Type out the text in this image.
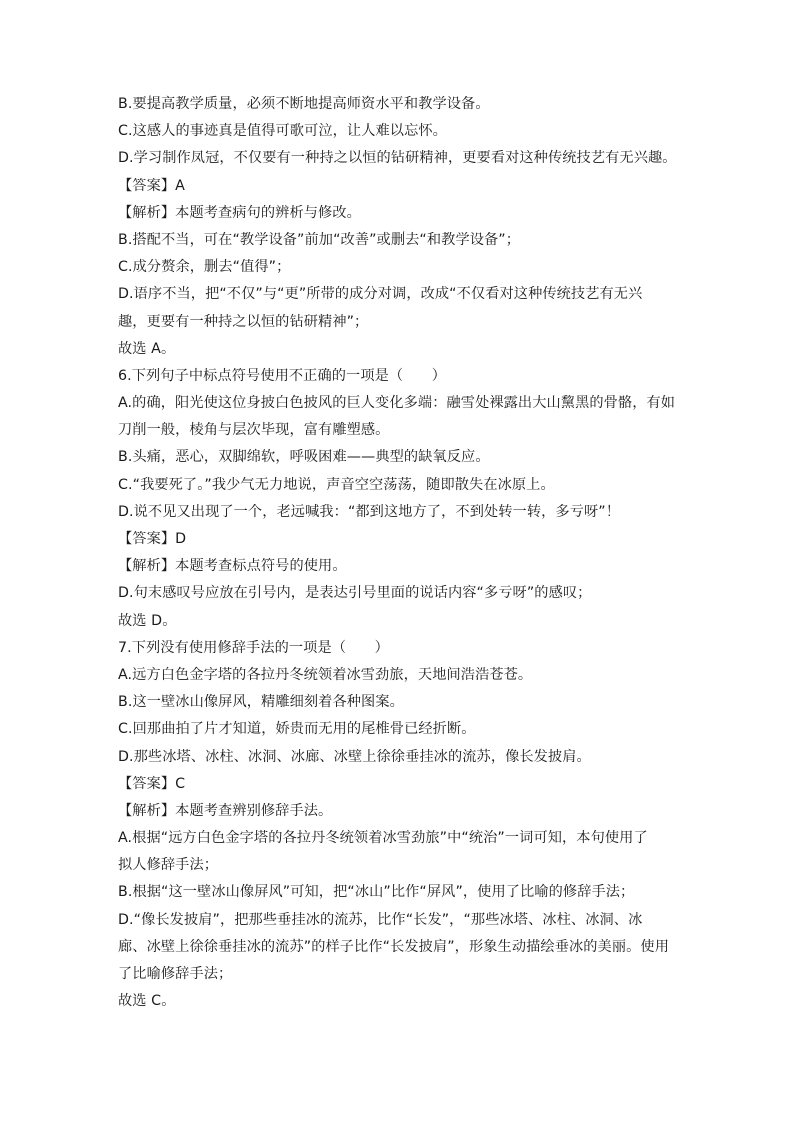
B.要提高教学质量，必须不断地提高师资水平和教学设备。
C.这感人的事迹真是值得可歌可泣，让人难以忘怀。
D.学习制作凤冠，不仅要有一种持之以恒的钻研精神，更要看对这种传统技艺有无兴趣。
【答案】A
【解析】本题考查病句的辨析与修改。
B.搭配不当，可在“教学设备”前加“改善”或删去“和教学设备”；
C.成分赘余，删去“值得”；
D.语序不当，把“不仅”与“更”所带的成分对调，改成“不仅看对这种传统技艺有无兴
趣，更要有一种持之以恒的钻研精神”；
故选 A。
6.下列句子中标点符号使用不正确的一项是（　　）
A.的确，阳光使这位身披白色披风的巨人变化多端：融雪处裸露出大山黧黑的骨骼，有如
刀削一般，棱角与层次毕现，富有雕塑感。
B.头痛，恶心，双脚绵软，呼吸困难——典型的缺氧反应。
C.“我要死了。”我少气无力地说，声音空空荡荡，随即散失在冰原上。
D.说不见又出现了一个，老远喊我：“都到这地方了，不到处转一转，多亏呀”！
【答案】D
【解析】本题考查标点符号的使用。
D.句末感叹号应放在引号内，是表达引号里面的说话内容“多亏呀”的感叹；
故选 D。
7.下列没有使用修辞手法的一项是（　　）
A.远方白色金字塔的各拉丹冬统领着冰雪劲旅，天地间浩浩苍苍。
B.这一壁冰山像屏风，精雕细刻着各种图案。
C.回那曲拍了片才知道，娇贵而无用的尾椎骨已经折断。
D.那些冰塔、冰柱、冰洞、冰廊、冰壁上徐徐垂挂冰的流苏，像长发披肩。
【答案】C
【解析】本题考查辨别修辞手法。
A.根据“远方白色金字塔的各拉丹冬统领着冰雪劲旅”中“统治”一词可知，本句使用了
拟人修辞手法；
B.根据“这一壁冰山像屏风”可知，把“冰山”比作“屏风”，使用了比喻的修辞手法；
D.“像长发披肩”，把那些垂挂冰的流苏，比作“长发”，“那些冰塔、冰柱、冰洞、冰
廊、冰壁上徐徐垂挂冰的流苏”的样子比作“长发披肩”，形象生动描绘垂冰的美丽。使用
了比喻修辞手法；
故选 C。
